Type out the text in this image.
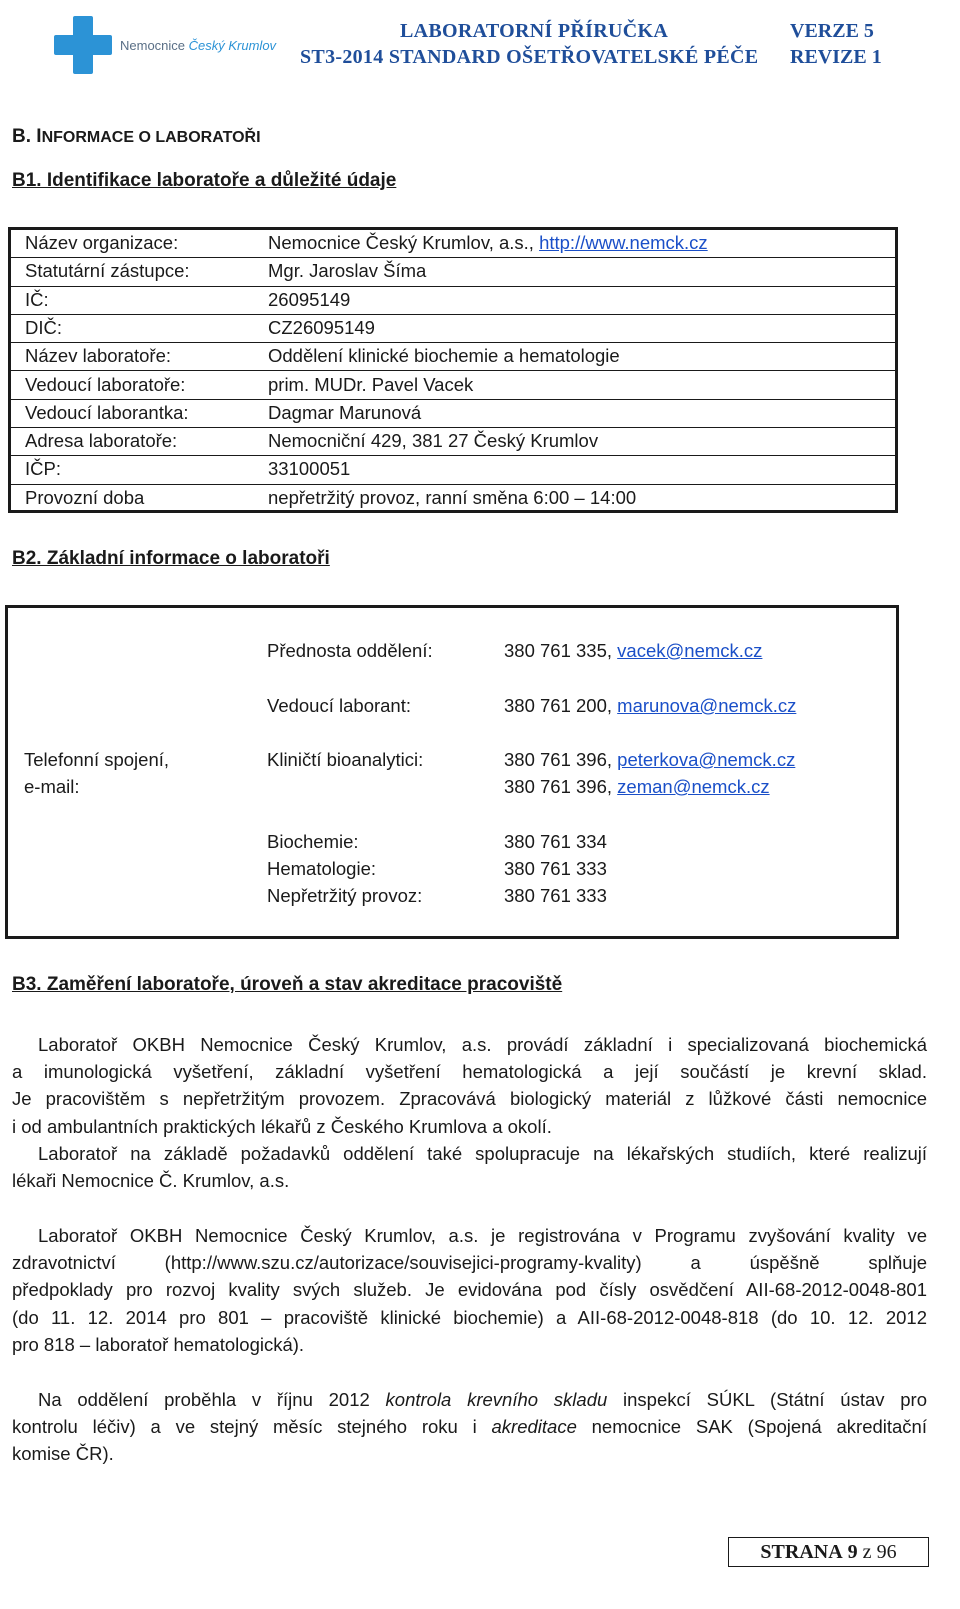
Nemocnice Český Krumlov
LABORATORNÍ PŘÍRUČKA
ST3-2014 STANDARD OŠETŘOVATELSKÉ PÉČE
VERZE 5
REVIZE 1
B. INFORMACE O LABORATOŘI
B1. Identifikace laboratoře a důležité údaje
Název organizace:	Nemocnice Český Krumlov, a.s., http://www.nemck.cz
Statutární zástupce:	Mgr. Jaroslav Šíma
IČ:	26095149
DIČ:	CZ26095149
Název laboratoře:	Oddělení klinické biochemie a hematologie
Vedoucí laboratoře:	prim. MUDr. Pavel Vacek
Vedoucí laborantka:	Dagmar Marunová
Adresa laboratoře:	Nemocniční 429, 381 27 Český Krumlov
IČP:	33100051
Provozní doba	nepřetržitý provoz, ranní směna 6:00 – 14:00
B2. Základní informace o laboratoři
Telefonní spojení,
e-mail:
Přednosta oddělení:	380 761 335, vacek@nemck.cz
Vedoucí laborant:	380 761 200, marunova@nemck.cz
Kliničtí bioanalytici:	380 761 396, peterkova@nemck.cz
380 761 396, zeman@nemck.cz
Biochemie:	380 761 334
Hematologie:	380 761 333
Nepřetržitý provoz:	380 761 333
B3. Zaměření laboratoře, úroveň a stav akreditace pracoviště
Laboratoř OKBH Nemocnice Český Krumlov, a.s. provádí základní i specializovaná biochemická
a imunologická vyšetření, základní vyšetření hematologická a její součástí je krevní sklad.
Je pracovištěm s nepřetržitým provozem. Zpracovává biologický materiál z lůžkové části nemocnice
i od ambulantních praktických lékařů z Českého Krumlova a okolí.
Laboratoř na základě požadavků oddělení také spolupracuje na lékařských studiích, které realizují
lékaři Nemocnice Č. Krumlov, a.s.
Laboratoř OKBH Nemocnice Český Krumlov, a.s. je registrována v Programu zvyšování kvality ve
zdravotnictví (http://www.szu.cz/autorizace/souvisejici-programy-kvality) a úspěšně splňuje
předpoklady pro rozvoj kvality svých služeb. Je evidována pod čísly osvědčení AII-68-2012-0048-801
(do 11. 12. 2014 pro 801 – pracoviště klinické biochemie) a AII-68-2012-0048-818 (do 10. 12. 2012
pro 818 – laboratoř hematologická).
Na oddělení proběhla v říjnu 2012 kontrola krevního skladu inspekcí SÚKL (Státní ústav pro
kontrolu léčiv) a ve stejný měsíc stejného roku i akreditace nemocnice SAK (Spojená akreditační
komise ČR).
STRANA 9 z 96
